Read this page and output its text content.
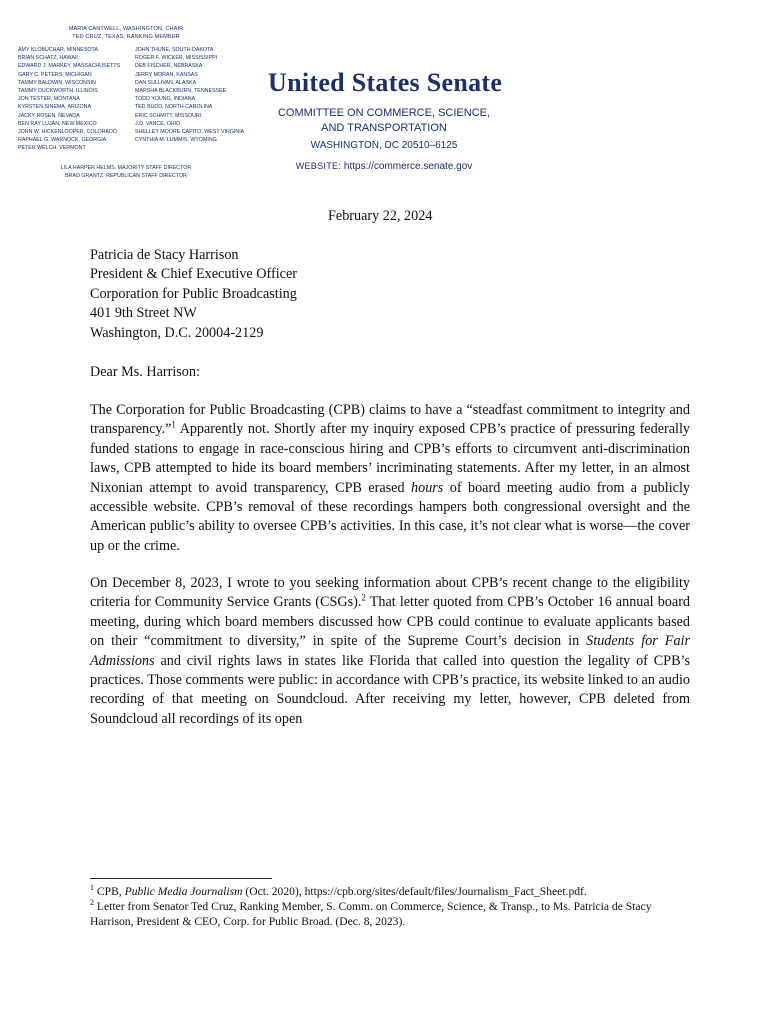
MARIA CANTWELL, WASHINGTON, CHAIR
TED CRUZ, TEXAS, RANKING MEMBER
AMY KLOBUCHAR, MINNESOTA
BRIAN SCHATZ, HAWAII
EDWARD J. MARKEY, MASSACHUSETTS
GARY C. PETERS, MICHIGAN
TAMMY BALDWIN, WISCONSIN
TAMMY DUCKWORTH, ILLINOIS
JON TESTER, MONTANA
KYRSTEN SINEMA, ARIZONA
JACKY ROSEN, NEVADA
BEN RAY LUJÁN, NEW MEXICO
JOHN W. HICKENLOOPER, COLORADO
RAPHAEL G. WARNOCK, GEORGIA
PETER WELCH, VERMONT
JOHN THUNE, SOUTH DAKOTA
ROGER F. WICKER, MISSISSIPPI
DEB FISCHER, NEBRASKA
JERRY MORAN, KANSAS
DAN SULLIVAN, ALASKA
MARSHA BLACKBURN, TENNESSEE
TODD YOUNG, INDIANA
TED BUDD, NORTH CAROLINA
ERIC SCHMITT, MISSOURI
J.D. VANCE, OHIO
SHELLEY MOORE CAPITO, WEST VIRGINIA
CYNTHIA M. LUMMIS, WYOMING
LILA HARPER HELMS, MAJORITY STAFF DIRECTOR
BRAD GRANTZ, REPUBLICAN STAFF DIRECTOR
United States Senate
COMMITTEE ON COMMERCE, SCIENCE,
AND TRANSPORTATION
WASHINGTON, DC 20510–6125
WEBSITE: https://commerce.senate.gov
February 22, 2024
Patricia de Stacy Harrison
President & Chief Executive Officer
Corporation for Public Broadcasting
401 9th Street NW
Washington, D.C. 20004-2129
Dear Ms. Harrison:

The Corporation for Public Broadcasting (CPB) claims to have a “steadfast commitment to integrity and transparency.”$^1$ Apparently not. Shortly after my inquiry exposed CPB’s practice of pressuring federally funded stations to engage in race-conscious hiring and CPB’s efforts to circumvent anti-discrimination laws, CPB attempted to hide its board members’ incriminating statements. After my letter, in an almost Nixonian attempt to avoid transparency, CPB erased hours of board meeting audio from a publicly accessible website. CPB’s removal of these recordings hampers both congressional oversight and the American public’s ability to oversee CPB’s activities. In this case, it’s not clear what is worse—the cover up or the crime.

On December 8, 2023, I wrote to you seeking information about CPB’s recent change to the eligibility criteria for Community Service Grants (CSGs).$^2$ That letter quoted from CPB’s October 16 annual board meeting, during which board members discussed how CPB could continue to evaluate applicants based on their “commitment to diversity,” in spite of the Supreme Court’s decision in Students for Fair Admissions and civil rights laws in states like Florida that called into question the legality of CPB’s practices. Those comments were public: in accordance with CPB’s practice, its website linked to an audio recording of that meeting on Soundcloud. After receiving my letter, however, CPB deleted from Soundcloud all recordings of its open

$^1$ CPB, Public Media Journalism (Oct. 2020), https://cpb.org/sites/default/files/Journalism_Fact_Sheet.pdf.

$^2$ Letter from Senator Ted Cruz, Ranking Member, S. Comm. on Commerce, Science, & Transp., to Ms. Patricia de Stacy Harrison, President & CEO, Corp. for Public Broad. (Dec. 8, 2023).
